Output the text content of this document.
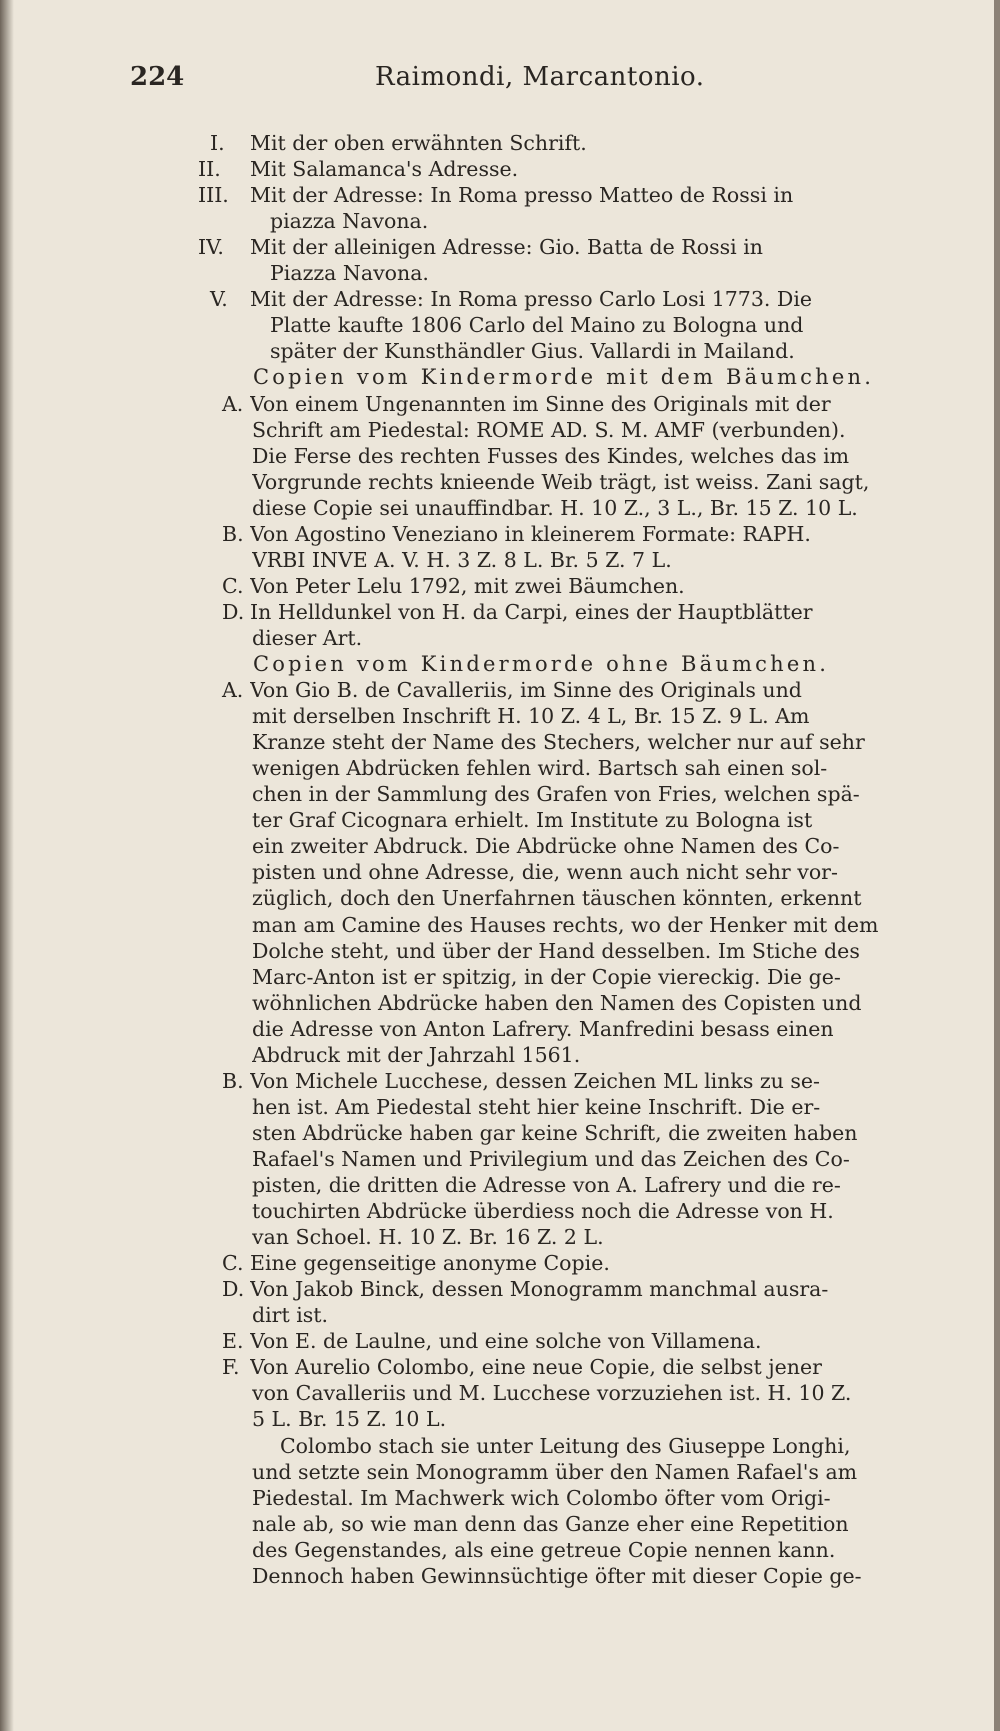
224	Raimondi, Marcantonio.
I. Mit der oben erwähnten Schrift.
II. Mit Salamanca's Adresse.
III. Mit der Adresse: In Roma presso Matteo de Rossi in
piazza Navona.
IV. Mit der alleinigen Adresse: Gio. Batta de Rossi in
Piazza Navona.
V. Mit der Adresse: In Roma presso Carlo Losi 1773. Die
Platte kaufte 1806 Carlo del Maino zu Bologna und
später der Kunsthändler Gius. Vallardi in Mailand.
Copien vom Kindermorde mit dem Bäumchen.
A. Von einem Ungenannten im Sinne des Originals mit der
Schrift am Piedestal: ROME AD. S. M. AMF (verbunden).
Die Ferse des rechten Fusses des Kindes, welches das im
Vorgrunde rechts knieende Weib trägt, ist weiss. Zani sagt,
diese Copie sei unauffindbar. H. 10 Z., 3 L., Br. 15 Z. 10 L.
B. Von Agostino Veneziano in kleinerem Formate: RAPH.
VRBI INVE A. V. H. 3 Z. 8 L. Br. 5 Z. 7 L.
C. Von Peter Lelu 1792, mit zwei Bäumchen.
D. In Helldunkel von H. da Carpi, eines der Hauptblätter
dieser Art.
Copien vom Kindermorde ohne Bäumchen.
A. Von Gio B. de Cavalleriis, im Sinne des Originals und
mit derselben Inschrift H. 10 Z. 4 L, Br. 15 Z. 9 L. Am
Kranze steht der Name des Stechers, welcher nur auf sehr
wenigen Abdrücken fehlen wird. Bartsch sah einen sol-
chen in der Sammlung des Grafen von Fries, welchen spä-
ter Graf Cicognara erhielt. Im Institute zu Bologna ist
ein zweiter Abdruck. Die Abdrücke ohne Namen des Co-
pisten und ohne Adresse, die, wenn auch nicht sehr vor-
züglich, doch den Unerfahrnen täuschen könnten, erkennt
man am Camine des Hauses rechts, wo der Henker mit dem
Dolche steht, und über der Hand desselben. Im Stiche des
Marc-Anton ist er spitzig, in der Copie viereckig. Die ge-
wöhnlichen Abdrücke haben den Namen des Copisten und
die Adresse von Anton Lafrery. Manfredini besass einen
Abdruck mit der Jahrzahl 1561.
B. Von Michele Lucchese, dessen Zeichen ML links zu se-
hen ist. Am Piedestal steht hier keine Inschrift. Die er-
sten Abdrücke haben gar keine Schrift, die zweiten haben
Rafael's Namen und Privilegium und das Zeichen des Co-
pisten, die dritten die Adresse von A. Lafrery und die re-
touchirten Abdrücke überdiess noch die Adresse von H.
van Schoel. H. 10 Z. Br. 16 Z. 2 L.
C. Eine gegenseitige anonyme Copie.
D. Von Jakob Binck, dessen Monogramm manchmal ausra-
dirt ist.
E. Von E. de Laulne, und eine solche von Villamena.
F. Von Aurelio Colombo, eine neue Copie, die selbst jener
von Cavalleriis und M. Lucchese vorzuziehen ist. H. 10 Z.
5 L. Br. 15 Z. 10 L.
Colombo stach sie unter Leitung des Giuseppe Longhi,
und setzte sein Monogramm über den Namen Rafael's am
Piedestal. Im Machwerk wich Colombo öfter vom Origi-
nale ab, so wie man denn das Ganze eher eine Repetition
des Gegenstandes, als eine getreue Copie nennen kann.
Dennoch haben Gewinnsüchtige öfter mit dieser Copie ge-
